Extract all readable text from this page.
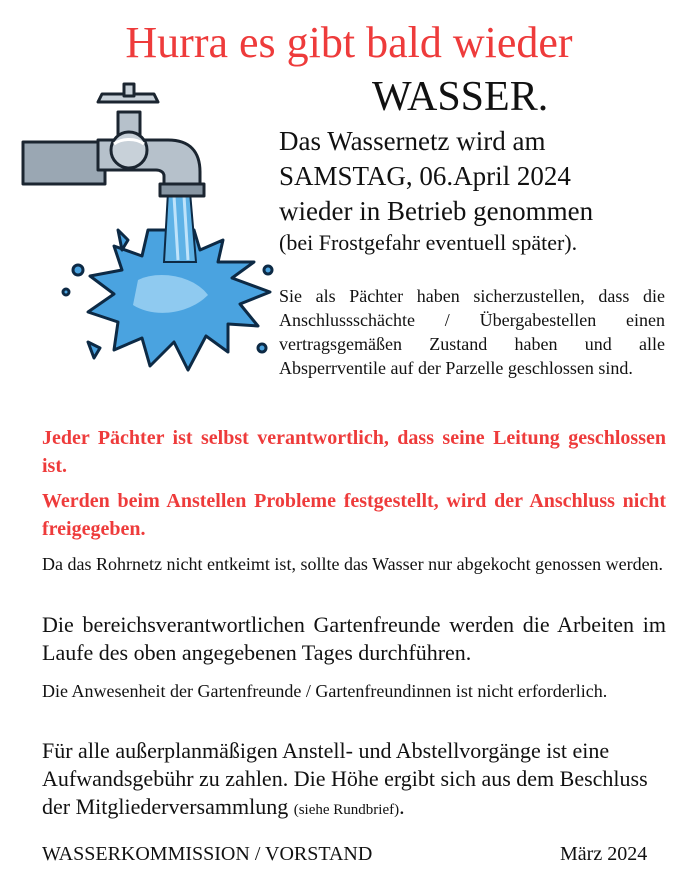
Hurra es gibt bald wieder
WASSER.
Das Wassernetz wird am
SAMSTAG, 06.April 2024
wieder in Betrieb genommen
(bei Frostgefahr eventuell später).
Sie als Pächter haben sicherzustellen, dass die Anschlussschächte / Übergabestellen einen vertragsgemäßen Zustand haben und alle Absperrventile auf der Parzelle geschlossen sind.
Jeder Pächter ist selbst verantwortlich, dass seine Leitung geschlossen ist.
Werden beim Anstellen Probleme festgestellt, wird der Anschluss nicht freigegeben.
Da das Rohrnetz nicht entkeimt ist, sollte das Wasser nur abgekocht genossen werden.
Die bereichsverantwortlichen Gartenfreunde werden die Arbeiten im Laufe des oben angegebenen Tages durchführen.
Die Anwesenheit der Gartenfreunde / Gartenfreundinnen ist nicht erforderlich.
Für alle außerplanmäßigen Anstell- und Abstellvorgänge ist eine Aufwandsgebühr zu zahlen. Die Höhe ergibt sich aus dem Beschluss der Mitgliederversammlung (siehe Rundbrief).
WASSERKOMMISSION / VORSTAND	März 2024
